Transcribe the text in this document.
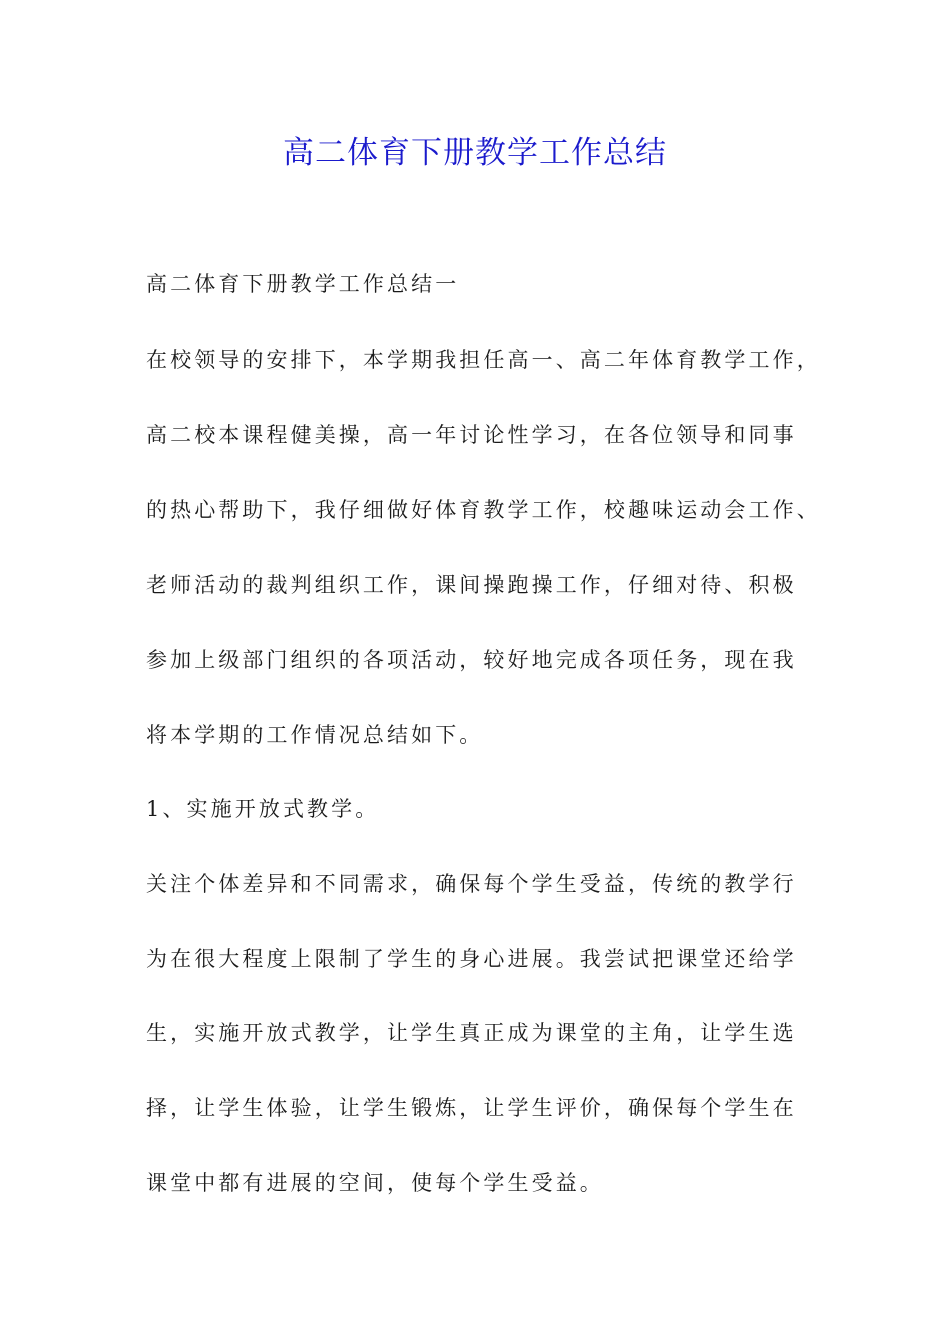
高二体育下册教学工作总结
高二体育下册教学工作总结一
在校领导的安排下，本学期我担任高一、高二年体育教学工作，
高二校本课程健美操，高一年讨论性学习，在各位领导和同事
的热心帮助下，我仔细做好体育教学工作，校趣味运动会工作、
老师活动的裁判组织工作，课间操跑操工作，仔细对待、积极
参加上级部门组织的各项活动，较好地完成各项任务，现在我
将本学期的工作情况总结如下。
1、实施开放式教学。
关注个体差异和不同需求，确保每个学生受益，传统的教学行
为在很大程度上限制了学生的身心进展。我尝试把课堂还给学
生，实施开放式教学，让学生真正成为课堂的主角，让学生选
择，让学生体验，让学生锻炼，让学生评价，确保每个学生在
课堂中都有进展的空间，使每个学生受益。
